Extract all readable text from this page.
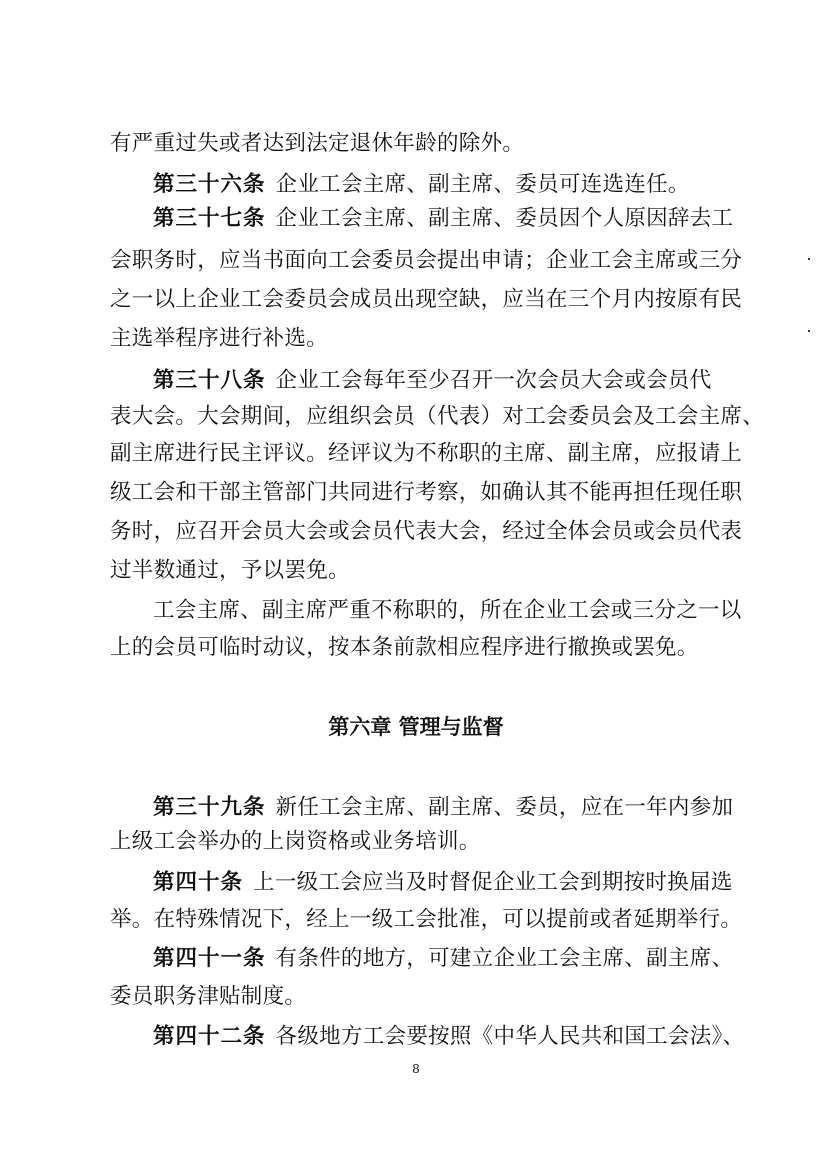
有严重过失或者达到法定退休年龄的除外。
第三十六条 企业工会主席、副主席、委员可连选连任。
第三十七条 企业工会主席、副主席、委员因个人原因辞去工
会职务时，应当书面向工会委员会提出申请；企业工会主席或三分
之一以上企业工会委员会成员出现空缺，应当在三个月内按原有民
主选举程序进行补选。
第三十八条 企业工会每年至少召开一次会员大会或会员代
表大会。大会期间，应组织会员（代表）对工会委员会及工会主席、
副主席进行民主评议。经评议为不称职的主席、副主席，应报请上
级工会和干部主管部门共同进行考察，如确认其不能再担任现任职
务时，应召开会员大会或会员代表大会，经过全体会员或会员代表
过半数通过，予以罢免。
工会主席、副主席严重不称职的，所在企业工会或三分之一以
上的会员可临时动议，按本条前款相应程序进行撤换或罢免。
第六章 管理与监督
第三十九条 新任工会主席、副主席、委员，应在一年内参加
上级工会举办的上岗资格或业务培训。
第四十条 上一级工会应当及时督促企业工会到期按时换届选
举。在特殊情况下，经上一级工会批准，可以提前或者延期举行。
第四十一条 有条件的地方，可建立企业工会主席、副主席、
委员职务津贴制度。
第四十二条 各级地方工会要按照《中华人民共和国工会法》、
8
